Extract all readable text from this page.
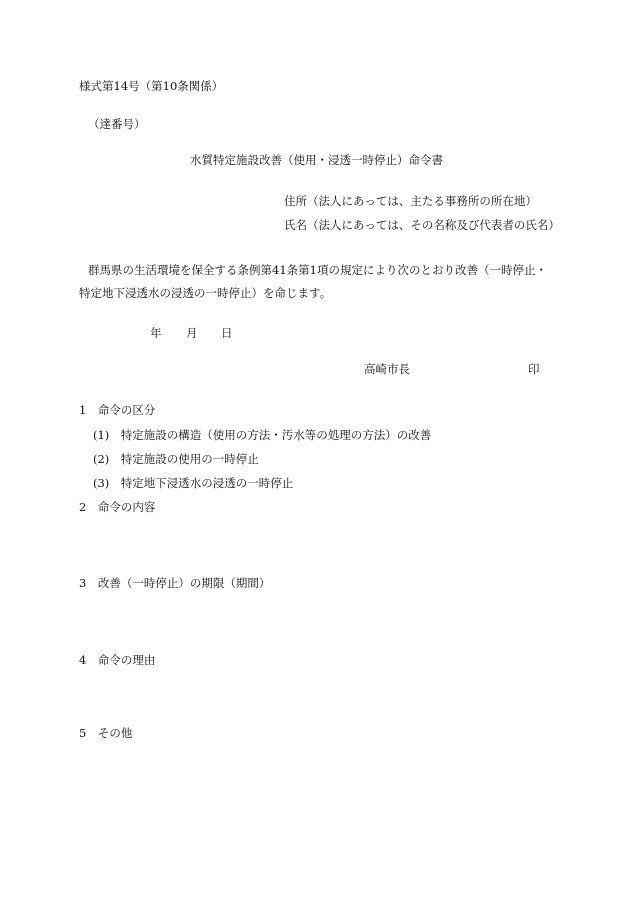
様式第14号（第10条関係）

（達番号）

水質特定施設改善（使用・浸透一時停止）命令書

住所（法人にあっては、主たる事務所の所在地）

氏名（法人にあっては、その名称及び代表者の氏名）

群馬県の生活環境を保全する条例第41条第1項の規定により次のとおり改善（一時停止・

特定地下浸透水の浸透の一時停止）を命じます。

年 月 日

高崎市長	印

1　命令の区分

(1)　特定施設の構造（使用の方法・汚水等の処理の方法）の改善

(2)　特定施設の使用の一時停止

(3)　特定地下浸透水の浸透の一時停止

2　命令の内容

3　改善（一時停止）の期限（期間）

4　命令の理由

5　その他
